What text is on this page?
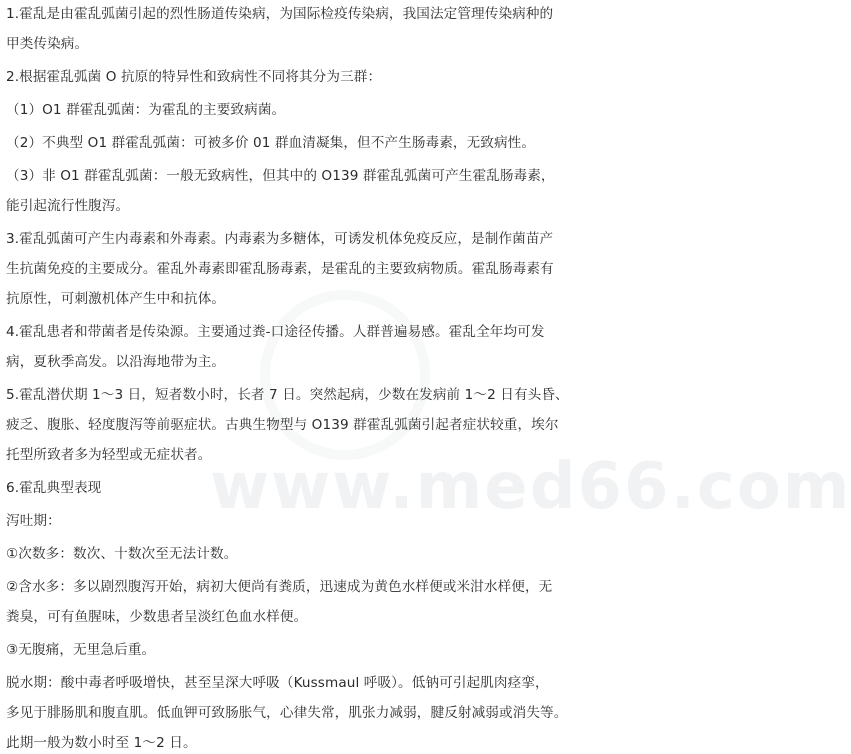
www.med66.com
1.霍乱是由霍乱弧菌引起的烈性肠道传染病，为国际检疫传染病，我国法定管理传染病种的
甲类传染病。
2.根据霍乱弧菌 O 抗原的特异性和致病性不同将其分为三群：
（1）O1 群霍乱弧菌：为霍乱的主要致病菌。
（2）不典型 O1 群霍乱弧菌：可被多价 01 群血清凝集，但不产生肠毒素，无致病性。
（3）非 O1 群霍乱弧菌：一般无致病性，但其中的 O139 群霍乱弧菌可产生霍乱肠毒素，
能引起流行性腹泻。
3.霍乱弧菌可产生内毒素和外毒素。内毒素为多糖体，可诱发机体免疫反应，是制作菌苗产
生抗菌免疫的主要成分。霍乱外毒素即霍乱肠毒素，是霍乱的主要致病物质。霍乱肠毒素有
抗原性，可刺激机体产生中和抗体。
4.霍乱患者和带菌者是传染源。主要通过粪-口途径传播。人群普遍易感。霍乱全年均可发
病，夏秋季高发。以沿海地带为主。
5.霍乱潜伏期 1～3 日，短者数小时，长者 7 日。突然起病，少数在发病前 1～2 日有头昏、
疲乏、腹胀、轻度腹泻等前驱症状。古典生物型与 O139 群霍乱弧菌引起者症状较重，埃尔
托型所致者多为轻型或无症状者。
6.霍乱典型表现
泻吐期：
①次数多：数次、十数次至无法计数。
②含水多：多以剧烈腹泻开始，病初大便尚有粪质，迅速成为黄色水样便或米泔水样便，无
粪臭，可有鱼腥味，少数患者呈淡红色血水样便。
③无腹痛，无里急后重。
脱水期：酸中毒者呼吸增快，甚至呈深大呼吸（Kussmaul 呼吸）。低钠可引起肌肉痉挛，
多见于腓肠肌和腹直肌。低血钾可致肠胀气，心律失常，肌张力减弱，腱反射减弱或消失等。
此期一般为数小时至 1～2 日。
